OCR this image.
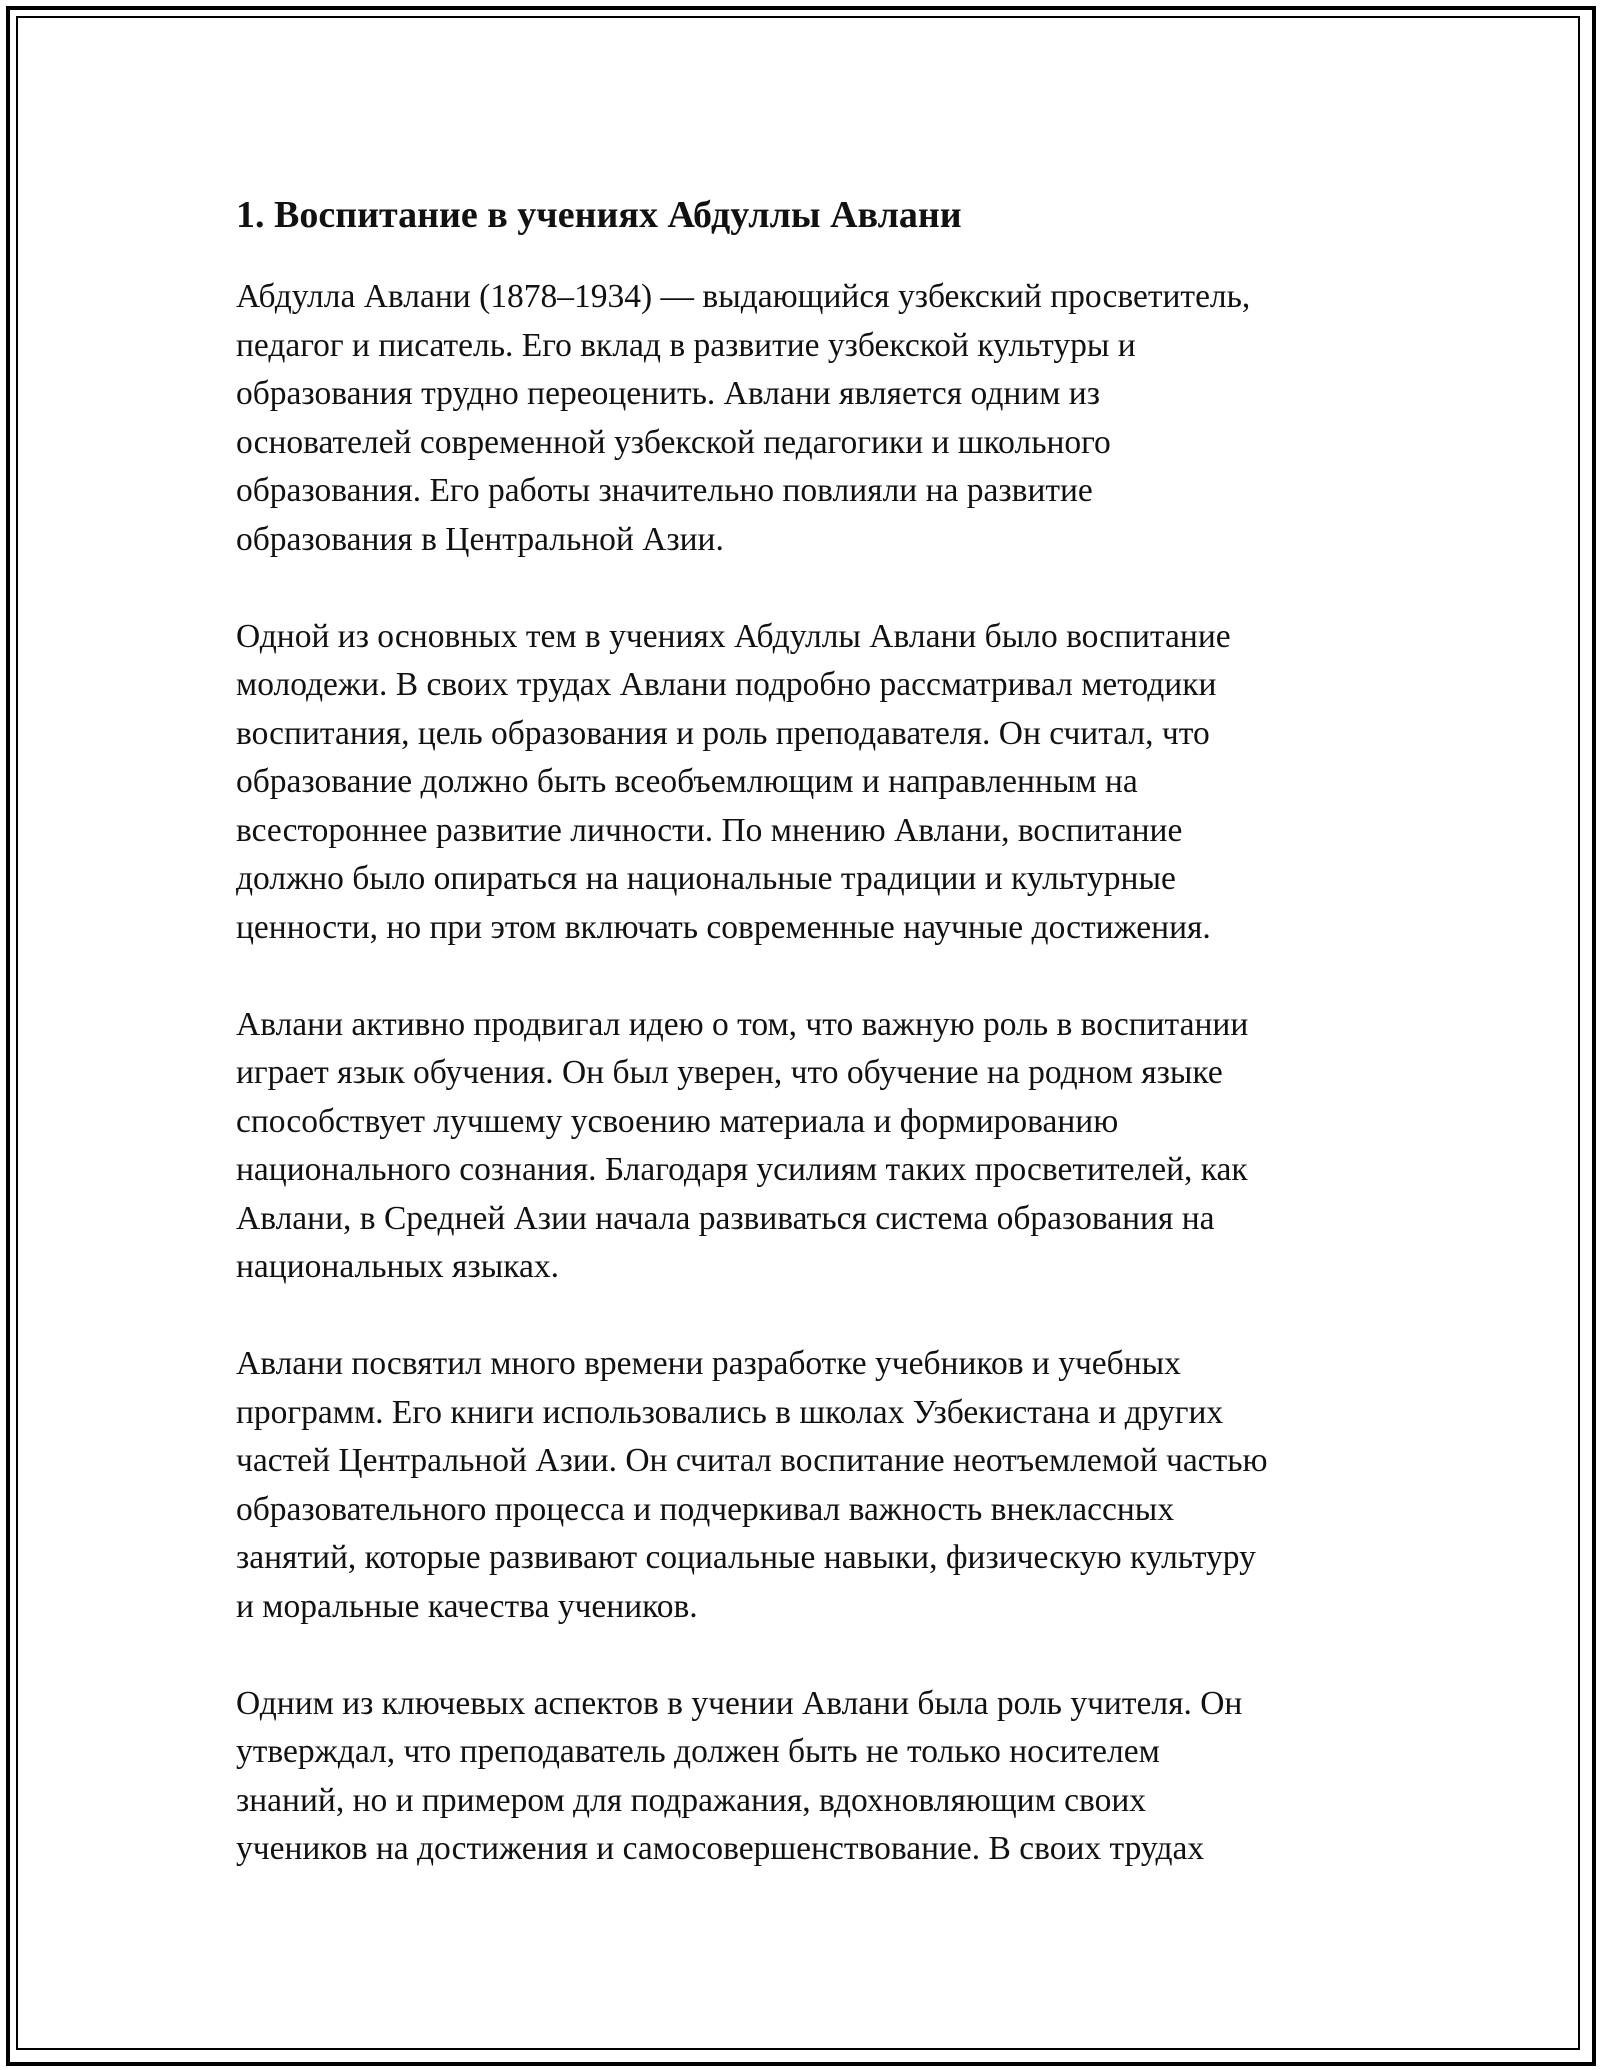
1. Воспитание в учениях Абдуллы Авлани

Абдулла Авлани (1878–1934) — выдающийся узбекский просветитель,
педагог и писатель. Его вклад в развитие узбекской культуры и
образования трудно переоценить. Авлани является одним из
основателей современной узбекской педагогики и школьного
образования. Его работы значительно повлияли на развитие
образования в Центральной Азии.

Одной из основных тем в учениях Абдуллы Авлани было воспитание
молодежи. В своих трудах Авлани подробно рассматривал методики
воспитания, цель образования и роль преподавателя. Он считал, что
образование должно быть всеобъемлющим и направленным на
всестороннее развитие личности. По мнению Авлани, воспитание
должно было опираться на национальные традиции и культурные
ценности, но при этом включать современные научные достижения.

Авлани активно продвигал идею о том, что важную роль в воспитании
играет язык обучения. Он был уверен, что обучение на родном языке
способствует лучшему усвоению материала и формированию
национального сознания. Благодаря усилиям таких просветителей, как
Авлани, в Средней Азии начала развиваться система образования на
национальных языках.

Авлани посвятил много времени разработке учебников и учебных
программ. Его книги использовались в школах Узбекистана и других
частей Центральной Азии. Он считал воспитание неотъемлемой частью
образовательного процесса и подчеркивал важность внеклассных
занятий, которые развивают социальные навыки, физическую культуру
и моральные качества учеников.

Одним из ключевых аспектов в учении Авлани была роль учителя. Он
утверждал, что преподаватель должен быть не только носителем
знаний, но и примером для подражания, вдохновляющим своих
учеников на достижения и самосовершенствование. В своих трудах
